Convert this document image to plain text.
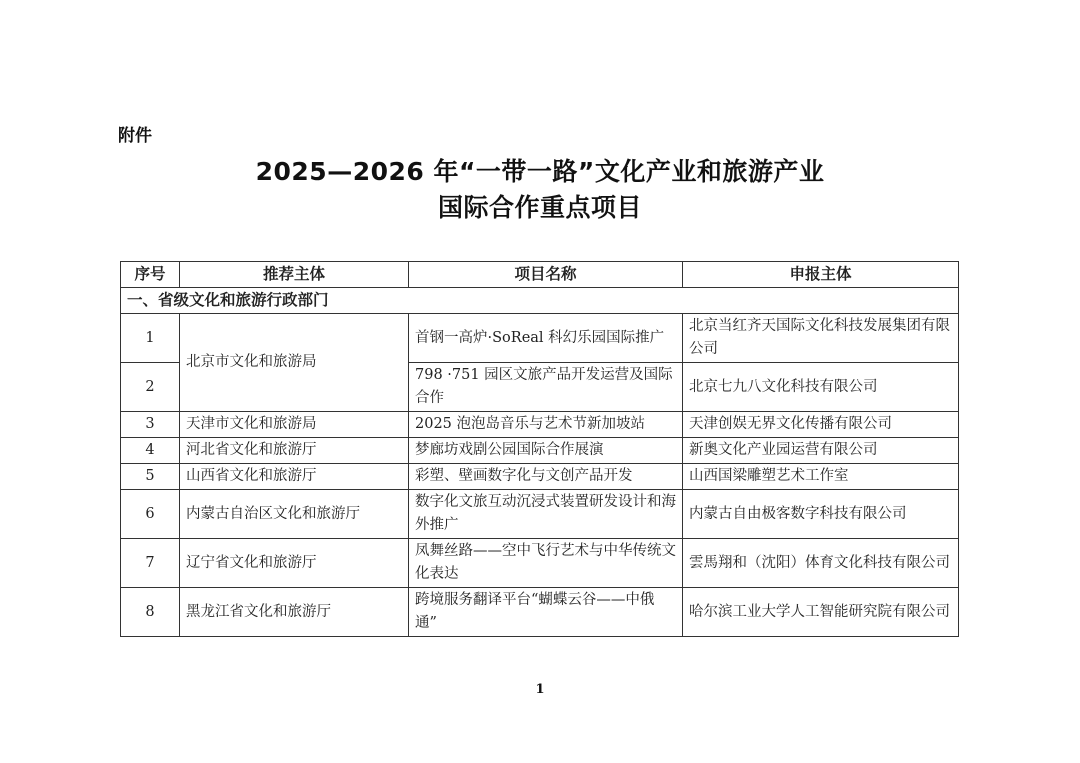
附件
2025—2026 年“一带一路”文化产业和旅游产业
国际合作重点项目
序号	推荐主体	项目名称	申报主体
一、省级文化和旅游行政部门			
1	北京市文化和旅游局	首钢一高炉·SoReal 科幻乐园国际推广	北京当红齐天国际文化科技发展集团有限公司
2		798 ·751 园区文旅产品开发运营及国际合作	北京七九八文化科技有限公司
3	天津市文化和旅游局	2025 泡泡岛音乐与艺术节新加坡站	天津创娱无界文化传播有限公司
4	河北省文化和旅游厅	梦廊坊戏剧公园国际合作展演	新奥文化产业园运营有限公司
5	山西省文化和旅游厅	彩塑、壁画数字化与文创产品开发	山西国梁雕塑艺术工作室
6	内蒙古自治区文化和旅游厅	数字化文旅互动沉浸式装置研发设计和海外推广	内蒙古自由极客数字科技有限公司
7	辽宁省文化和旅游厅	凤舞丝路——空中飞行艺术与中华传统文化表达	雲馬翔和（沈阳）体育文化科技有限公司
8	黑龙江省文化和旅游厅	跨境服务翻译平台“蝴蝶云谷——中俄通”	哈尔滨工业大学人工智能研究院有限公司
1
